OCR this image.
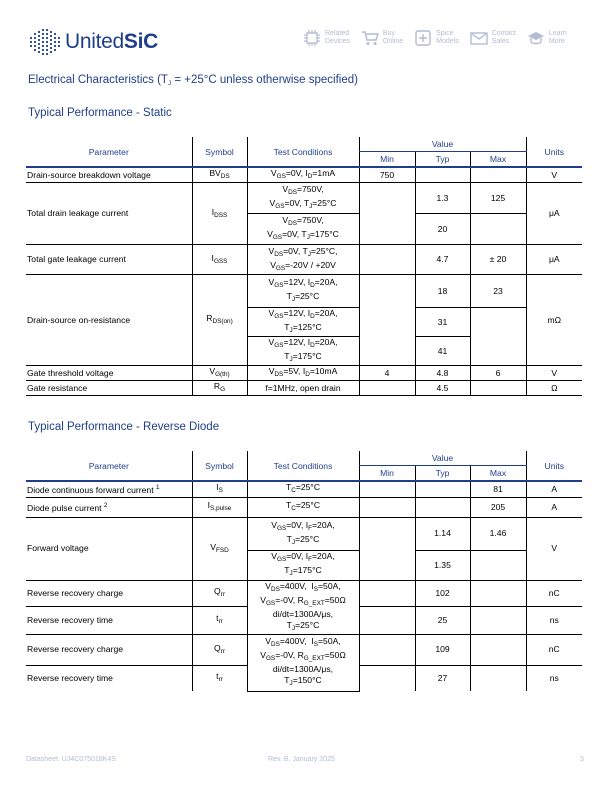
UnitedSiC	Related
Devices
Buy
Online
Spice
Models
Contact
Sales
Learn
More
Electrical Characteristics ($T_J = +25^\circ C$ unless otherwise specified)
Typical Performance - Static
Typical Performance - Reverse Diode
Parameter	Symbol	Test Conditions	Value			Units
			Min	Typ	Max	
Drain-source breakdown voltage	$BV_{DS}$	$V_{GS}=0V$, $I_D=1mA$	750			V
Total drain leakage current	$I_{DSS}$	$V_{DS}=750V$,
$V_{GS}=0V$, $T_J=25^\circ C$		1.3	125	μA
		$V_{DS}=750V$,
$V_{GS}=0V$, $T_J=175^\circ C$		20		
Total gate leakage current	$I_{GSS}$	$V_{DS}=0V$, $T_J=25^\circ C$,
$V_{GS}=-20V / +20V$		4.7	± 20	μA
Drain-source on-resistance	$R_{DS(on)}$	$V_{GS}=12V$, $I_D=20A$,
$T_J=25^\circ C$		18	23	mΩ
		$V_{GS}=12V$, $I_D=20A$,
$T_J=125^\circ C$		31		
		$V_{GS}=12V$, $I_D=20A$,
$T_J=175^\circ C$		41		
Gate threshold voltage	$V_{G(th)}$	$V_{DS}=5V$, $I_D=10mA$	4	4.8	6	V
Gate resistance	$R_G$	f=1MHz, open drain		4.5		Ω
Parameter	Symbol	Test Conditions	Value			Units
			Min	Typ	Max	
Diode continuous forward current $^1$	$I_S$	$T_C=25^\circ C$			81	A
Diode pulse current $^2$	$I_{S,pulse}$	$T_C=25^\circ C$			205	A
Forward voltage	$V_{FSD}$	$V_{GS}=0V$, $I_F=20A$,
$T_J=25^\circ C$		1.14	1.46	V
		$V_{GS}=0V$, $I_F=20A$,
$T_J=175^\circ C$		1.35		
Reverse recovery charge	$Q_{rr}$	$V_{DS}=400V$,  $I_S=50A$,
$V_{GS}=-0V$, $R_{G\_EXT}=50\Omega$
di/dt=1300A/μs,
$T_J=25^\circ C$		102		nC
Reverse recovery time	$t_{rr}$			25		ns
Reverse recovery charge	$Q_{rr}$	$V_{DS}=400V$,  $I_S=50A$,
$V_{GS}=-0V$, $R_{G\_EXT}=50\Omega$
di/dt=1300A/μs,
$T_J=150^\circ C$		109		nC
Reverse recovery time	$t_{rr}$			27		ns
Datasheet: UJ4C075018K4S	Rev. B, January 2025	3
